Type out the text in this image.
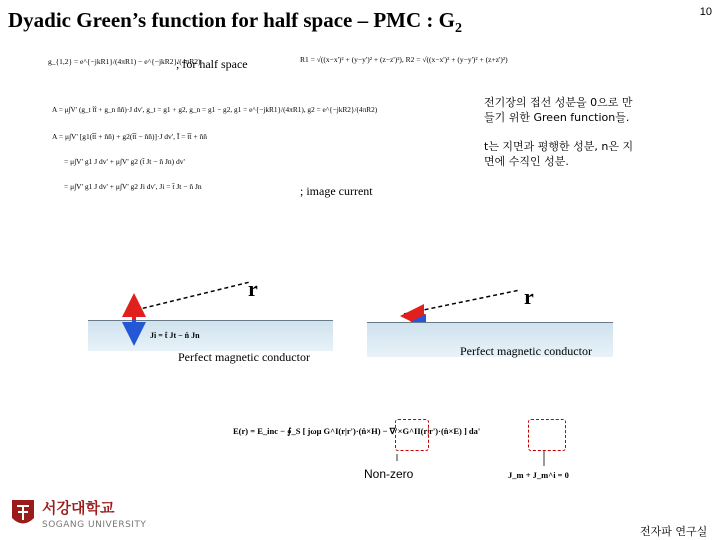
Dyadic Green’s function for half space – PMC : $G_2$
10
g_{1,2} = e^{−jkR1}/(4πR1) − e^{−jkR2}/(4πR2)
; for half space	R1 = √((x−x')² + (y−y')² + (z−z')²), R2 = √((x−x')² + (y−y')² + (z+z')²)
A = μ∫V' (g_t t̂t̂ + g_n n̂n̂)·J dv', g_t = g1 + g2, g_n = g1 − g2, g1 = e^{−jkR1}/(4πR1), g2 = e^{−jkR2}/(4πR2)
A = μ∫V' [g1(t̂t̂ + n̂n̂) + g2(t̂t̂ − n̂n̂)]·J dv', Ī = t̂t̂ + n̂n̂
= μ∫V' g1 J dv' + μ∫V' g2 (t̂ Jt − n̂ Jn) dv'
= μ∫V' g1 J dv' + μ∫V' g2 Ji dv', Ji = t̂ Jt − n̂ Jn
전기장의 접선 성분을 0으로 만
들기 위한 Green function들.
t는 지면과 평행한 성분, n은 지
면에 수직인 성분.
; image current
r	r
Ji = t̂ Jt − n̂ Jn
Perfect magnetic conductor	Perfect magnetic conductor
E(r) = E_inc − ∮_S [ jωμ G^I(r|r')·(n̂×H) − ∇'×G^II(r|r')·(n̂×E) ] da'
Non-zero	J_m + J_m^i = 0
서강대학교
SOGANG UNIVERSITY	전자파 연구실
